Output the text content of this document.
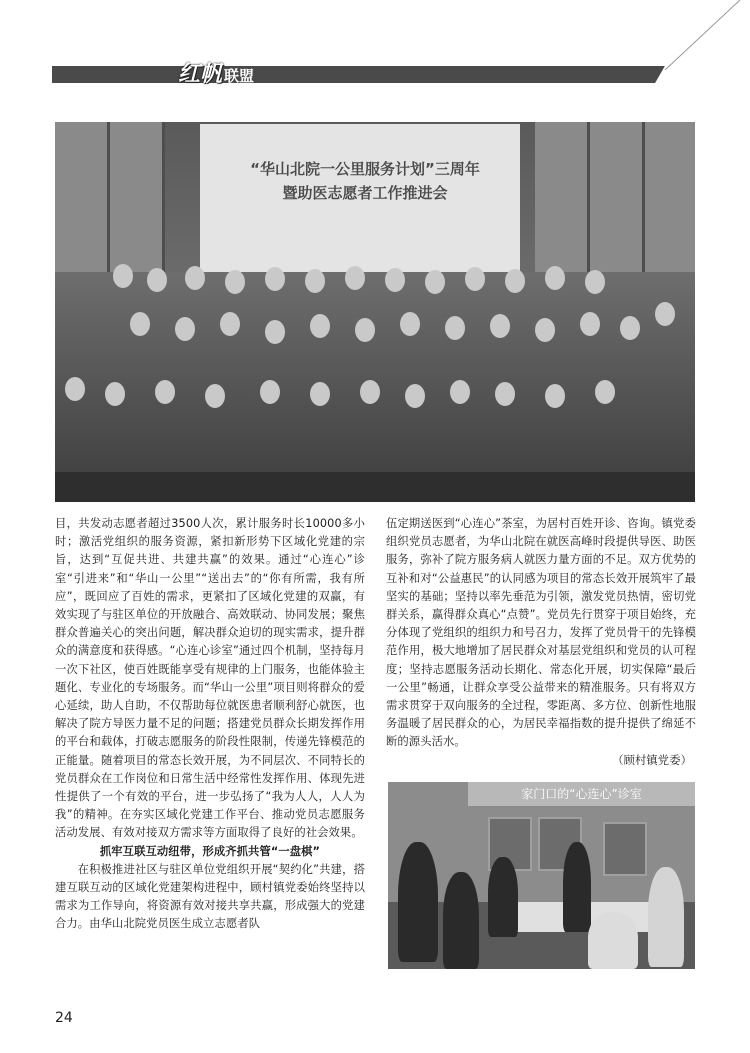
红帆 联盟
“华山北院一公里服务计划”三周年
暨助医志愿者工作推进会

目，共发动志愿者超过3500人次，累计服务时长10000多小时；激活党组织的服务资源，紧扣新形势下区域化党建的宗旨，达到“互促共进、共建共赢”的效果。通过“心连心”诊室“引进来”和“华山一公里”“送出去”的“你有所需，我有所应”，既回应了百姓的需求，更紧扣了区域化党建的双赢，有效实现了与驻区单位的开放融合、高效联动、协同发展；聚焦群众普遍关心的突出问题，解决群众迫切的现实需求，提升群众的满意度和获得感。“心连心诊室”通过四个机制，坚持每月一次下社区，使百姓既能享受有规律的上门服务，也能体验主题化、专业化的专场服务。而“华山一公里”项目则将群众的爱心延续，助人自助，不仅帮助每位就医患者顺利舒心就医，也解决了院方导医力量不足的问题；搭建党员群众长期发挥作用的平台和载体，打破志愿服务的阶段性限制，传递先锋模范的正能量。随着项目的常态长效开展，为不同层次、不同特长的党员群众在工作岗位和日常生活中经常性发挥作用、体现先进性提供了一个有效的平台，进一步弘扬了“我为人人，人人为我”的精神。在夯实区域化党建工作平台、推动党员志愿服务活动发展、有效对接双方需求等方面取得了良好的社会效果。

抓牢互联互动纽带，形成齐抓共管“一盘棋”

在积极推进社区与驻区单位党组织开展“契约化”共建，搭建互联互动的区域化党建架构进程中，顾村镇党委始终坚持以需求为工作导向，将资源有效对接共享共赢，形成强大的党建合力。由华山北院党员医生成立志愿者队

伍定期送医到“心连心”茶室，为居村百姓开诊、咨询。镇党委组织党员志愿者，为华山北院在就医高峰时段提供导医、助医服务，弥补了院方服务病人就医力量方面的不足。双方优势的互补和对“公益惠民”的认同感为项目的常态长效开展筑牢了最坚实的基础；坚持以率先垂范为引领，激发党员热情，密切党群关系，赢得群众真心“点赞”。党员先行贯穿于项目始终，充分体现了党组织的组织力和号召力，发挥了党员骨干的先锋模范作用，极大地增加了居民群众对基层党组织和党员的认可程度；坚持志愿服务活动长期化、常态化开展，切实保障“最后一公里”畅通，让群众享受公益带来的精准服务。只有将双方需求贯穿于双向服务的全过程，零距离、多方位、创新性地服务温暖了居民群众的心，为居民幸福指数的提升提供了绵延不断的源头活水。

（顾村镇党委）

家门口的“心连心”诊室
24
